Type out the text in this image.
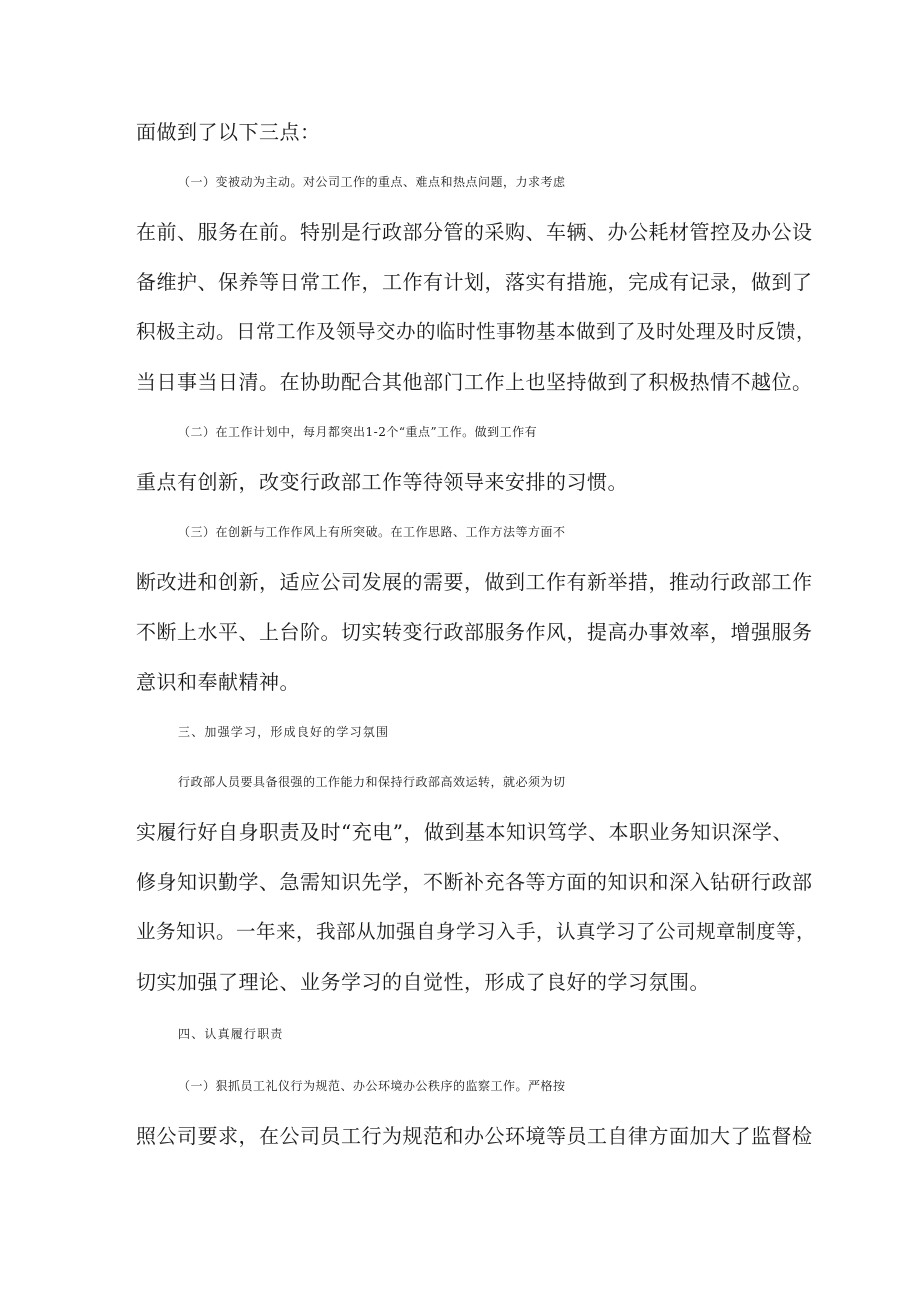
面做到了以下三点：
（一）变被动为主动。对公司工作的重点、难点和热点问题，力求考虑
在前、服务在前。特别是行政部分管的采购、车辆、办公耗材管控及办公设
备维护、保养等日常工作，工作有计划，落实有措施，完成有记录，做到了
积极主动。日常工作及领导交办的临时性事物基本做到了及时处理及时反馈，
当日事当日清。在协助配合其他部门工作上也坚持做到了积极热情不越位。
（二）在工作计划中，每月都突出1-2个“重点”工作。做到工作有
重点有创新，改变行政部工作等待领导来安排的习惯。
（三）在创新与工作作风上有所突破。在工作思路、工作方法等方面不
断改进和创新，适应公司发展的需要，做到工作有新举措，推动行政部工作
不断上水平、上台阶。切实转变行政部服务作风，提高办事效率，增强服务
意识和奉献精神。
三、加强学习，形成良好的学习氛围
行政部人员要具备很强的工作能力和保持行政部高效运转，就必须为切
实履行好自身职责及时“充电”，做到基本知识笃学、本职业务知识深学、
修身知识勤学、急需知识先学，不断补充各等方面的知识和深入钻研行政部
业务知识。一年来，我部从加强自身学习入手，认真学习了公司规章制度等，
切实加强了理论、业务学习的自觉性，形成了良好的学习氛围。
四、认真履行职责
（一）狠抓员工礼仪行为规范、办公环境办公秩序的监察工作。严格按
照公司要求，在公司员工行为规范和办公环境等员工自律方面加大了监督检
